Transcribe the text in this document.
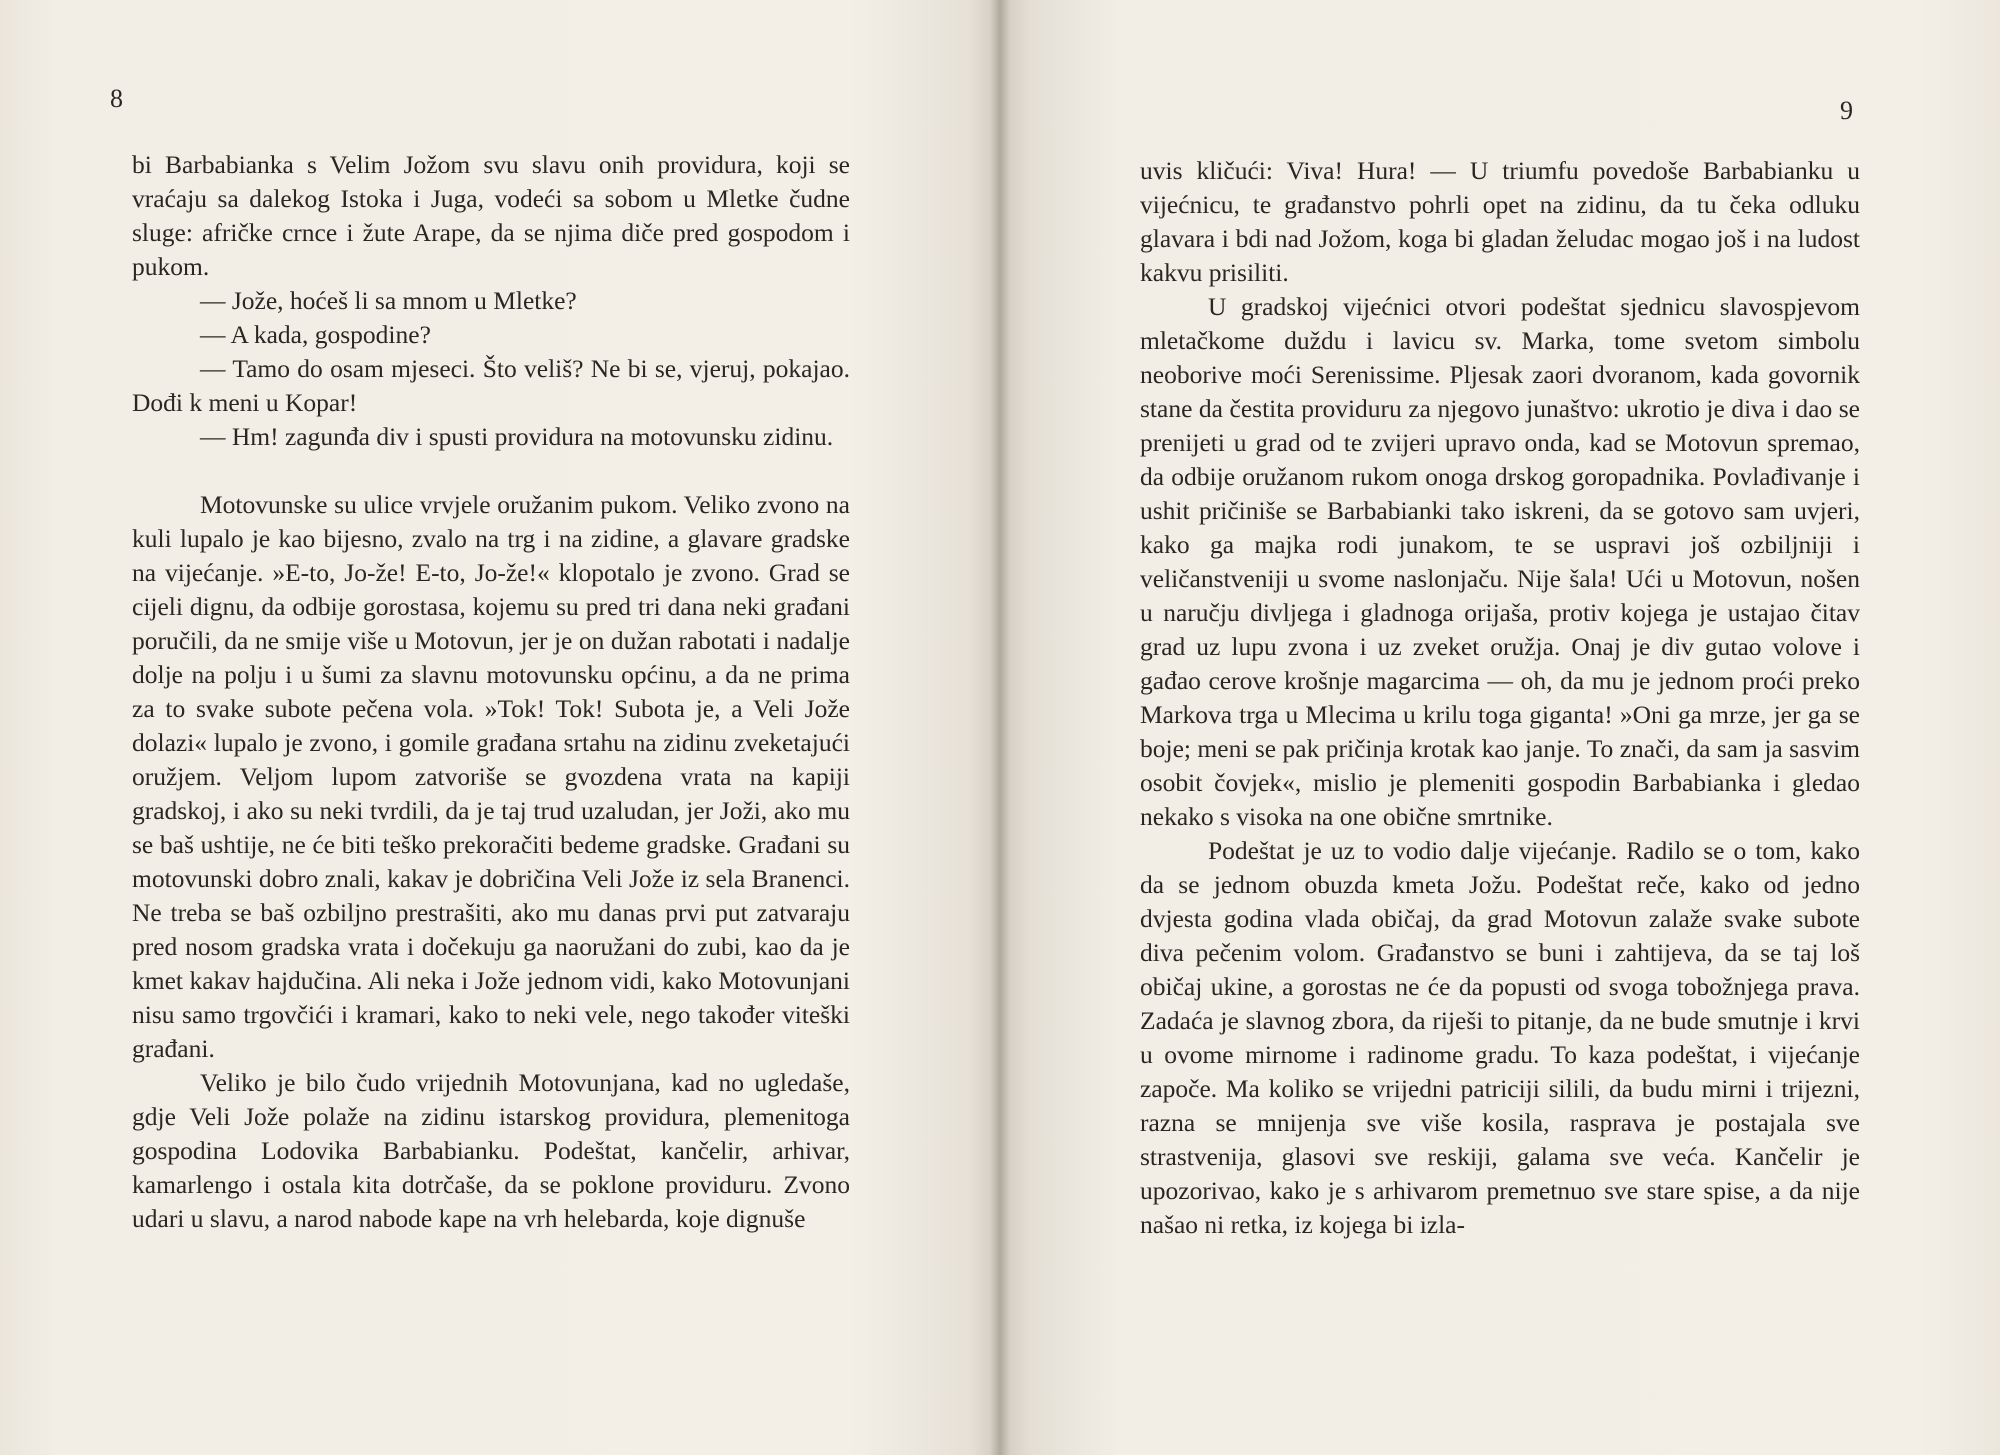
8

bi Barbabianka s Velim Jožom svu slavu onih providura, koji se vraćaju sa dalekog Istoka i Juga, vodeći sa sobom u Mletke čudne sluge: afričke crnce i žute Arape, da se njima diče pred gospodom i pukom.

— Jože, hoćeš li sa mnom u Mletke?

— A kada, gospodine?

— Tamo do osam mjeseci. Što veliš? Ne bi se, vjeruj, pokajao. Dođi k meni u Kopar!

— Hm! zagunđa div i spusti providura na motovunsku zidinu.

Motovunske su ulice vrvjele oružanim pukom. Veliko zvono na kuli lupalo je kao bijesno, zvalo na trg i na zidine, a glavare gradske na vijećanje. »E-to, Jo-že! E-to, Jo-že!« klopotalo je zvono. Grad se cijeli dignu, da odbije gorostasa, kojemu su pred tri dana neki građani poručili, da ne smije više u Motovun, jer je on dužan rabotati i nadalje dolje na polju i u šumi za slavnu motovunsku općinu, a da ne prima za to svake subote pečena vola. »Tok! Tok! Subota je, a Veli Jože dolazi« lupalo je zvono, i gomile građana srtahu na zidinu zveketajući oružjem. Veljom lupom zatvoriše se gvozdena vrata na kapiji gradskoj, i ako su neki tvrdili, da je taj trud uzaludan, jer Joži, ako mu se baš ushtije, ne će biti teško prekoračiti bedeme gradske. Građani su motovunski dobro znali, kakav je dobričina Veli Jože iz sela Branenci. Ne treba se baš ozbiljno prestrašiti, ako mu danas prvi put zatvaraju pred nosom gradska vrata i dočekuju ga naoružani do zubi, kao da je kmet kakav hajdučina. Ali neka i Jože jednom vidi, kako Motovunjani nisu samo trgovčići i kramari, kako to neki vele, nego također viteški građani.

Veliko je bilo čudo vrijednih Motovunjana, kad no ugledaše, gdje Veli Jože polaže na zidinu istarskog providura, plemenitoga gospodina Lodovika Barbabianku. Podeštat, kančelir, arhivar, kamarlengo i ostala kita dotrčaše, da se poklone providuru. Zvono udari u slavu, a narod nabode kape na vrh helebarda, koje dignuše

uvis kličući: Viva! Hura! — U triumfu povedoše Barbabianku u vijećnicu, te građanstvo pohrli opet na zidinu, da tu čeka odluku glavara i bdi nad Jožom, koga bi gladan želudac mogao još i na ludost kakvu prisiliti.

U gradskoj vijećnici otvori podeštat sjednicu slavospjevom mletačkome duždu i lavicu sv. Marka, tome svetom simbolu neoborive moći Serenissime. Pljesak zaori dvoranom, kada govornik stane da čestita providuru za njegovo junaštvo: ukrotio je diva i dao se prenijeti u grad od te zvijeri upravo onda, kad se Motovun spremao, da odbije oružanom rukom onoga drskog goropadnika. Povlađivanje i ushit pričiniše se Barbabianki tako iskreni, da se gotovo sam uvjeri, kako ga majka rodi junakom, te se uspravi još ozbiljniji i veličanstveniji u svome naslonjaču. Nije šala! Ući u Motovun, nošen u naručju divljega i gladnoga orijaša, protiv kojega je ustajao čitav grad uz lupu zvona i uz zveket oružja. Onaj je div gutao volove i gađao cerove krošnje magarcima — oh, da mu je jednom proći preko Markova trga u Mlecima u krilu toga giganta! »Oni ga mrze, jer ga se boje; meni se pak pričinja krotak kao janje. To znači, da sam ja sasvim osobit čovjek«, mislio je plemeniti gospodin Barbabianka i gledao nekako s visoka na one obične smrtnike.

Podeštat je uz to vodio dalje vijećanje. Radilo se o tom, kako da se jednom obuzda kmeta Jožu. Podeštat reče, kako od jedno dvjesta godina vlada običaj, da grad Motovun zalaže svake subote diva pečenim volom. Građanstvo se buni i zahtijeva, da se taj loš običaj ukine, a gorostas ne će da popusti od svoga tobožnjega prava. Zadaća je slavnog zbora, da riješi to pitanje, da ne bude smutnje i krvi u ovome mirnome i radinome gradu. To kaza podeštat, i vijećanje započe. Ma koliko se vrijedni patriciji silili, da budu mirni i trijezni, razna se mnijenja sve više kosila, rasprava je postajala sve strastvenija, glasovi sve reskiji, galama sve veća. Kančelir je upozorivao, kako je s arhivarom premetnuo sve stare spise, a da nije našao ni retka, iz kojega bi izla-

9
